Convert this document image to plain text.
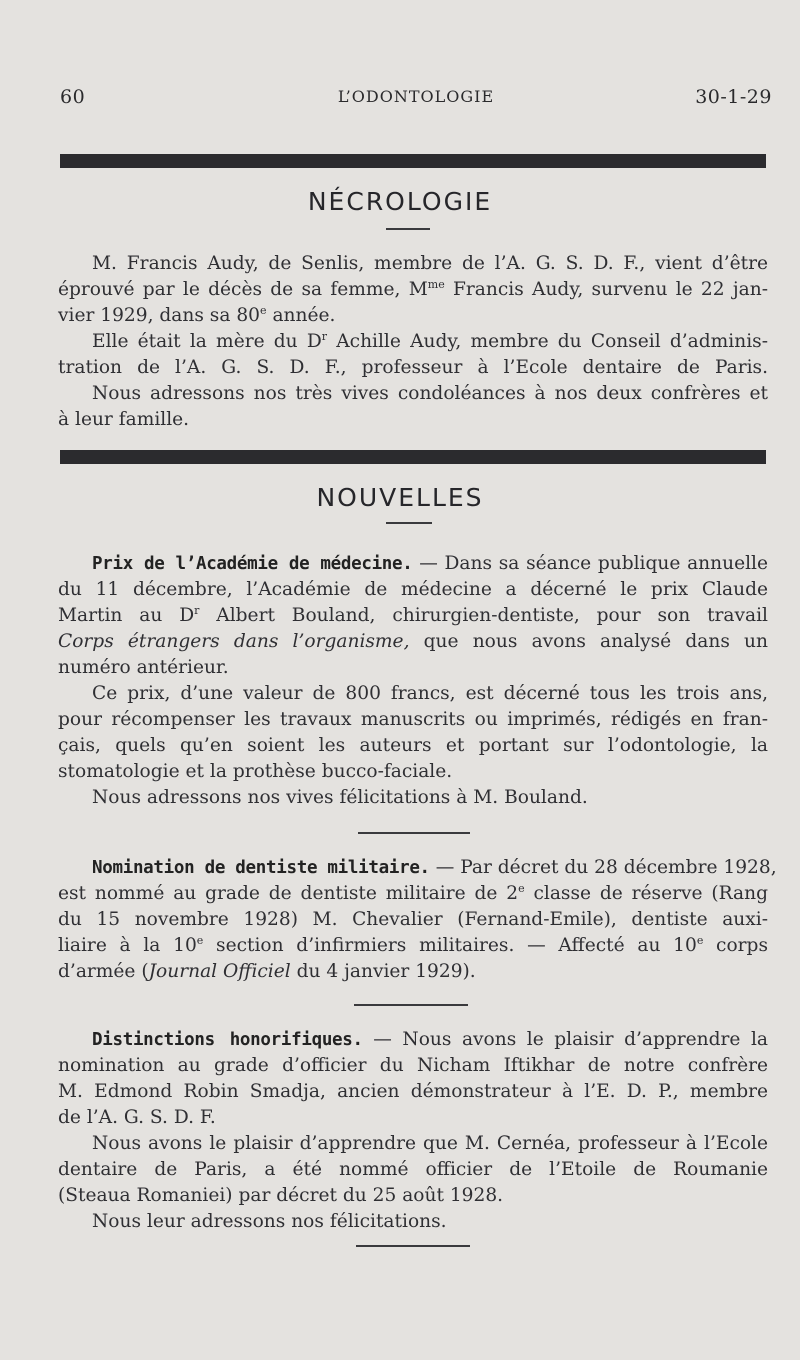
60	L’ODONTOLOGIE	30-1-29
NÉCROLOGIE
M. Francis Audy, de Senlis, membre de l’A. G. S. D. F., vient d’être
éprouvé par le décès de sa femme, $M^{me}$ Francis Audy, survenu le 22 jan-
vier 1929, dans sa 80e année.
Elle était la mère du $D^r$ Achille Audy, membre du Conseil d’adminis-
tration de l’A. G. S. D. F., professeur à l’Ecole dentaire de Paris.
Nous adressons nos très vives condoléances à nos deux confrères et
à leur famille.
NOUVELLES
Prix de l’Académie de médecine. — Dans sa séance publique annuelle
du 11 décembre, l’Académie de médecine a décerné le prix Claude
Martin au $D^r$ Albert Bouland, chirurgien-dentiste, pour son travail
Corps étrangers dans l’organisme, que nous avons analysé dans un
numéro antérieur.
Ce prix, d’une valeur de 800 francs, est décerné tous les trois ans,
pour récompenser les travaux manuscrits ou imprimés, rédigés en fran-
çais, quels qu’en soient les auteurs et portant sur l’odontologie, la
stomatologie et la prothèse bucco-faciale.
Nous adressons nos vives félicitations à M. Bouland.
Nomination de dentiste militaire. — Par décret du 28 décembre 1928,
est nommé au grade de dentiste militaire de 2e classe de réserve (Rang
du 15 novembre 1928) M. Chevalier (Fernand-Emile), dentiste auxi-
liaire à la 10e section d’infirmiers militaires. — Affecté au 10e corps
d’armée (Journal Officiel du 4 janvier 1929).
Distinctions honorifiques. — Nous avons le plaisir d’apprendre la
nomination au grade d’officier du Nicham Iftikhar de notre confrère
M. Edmond Robin Smadja, ancien démonstrateur à l’E. D. P., membre
de l’A. G. S. D. F.
Nous avons le plaisir d’apprendre que M. Cernéa, professeur à l’Ecole
dentaire de Paris, a été nommé officier de l’Etoile de Roumanie
(Steaua Romaniei) par décret du 25 août 1928.
Nous leur adressons nos félicitations.
